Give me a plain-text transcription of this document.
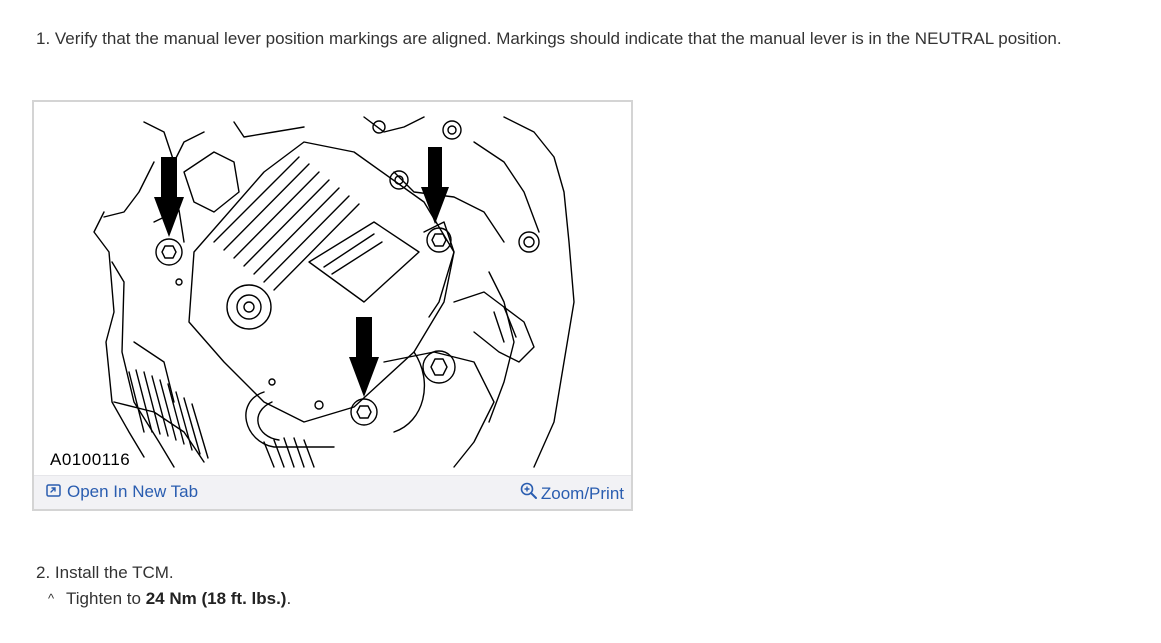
1. Verify that the manual lever position markings are aligned. Markings should indicate that the manual lever is in the NEUTRAL position.
A0100116
Open In New Tab	Zoom/Print
2. Install the TCM.
^ Tighten to 24 Nm (18 ft. lbs.) .
